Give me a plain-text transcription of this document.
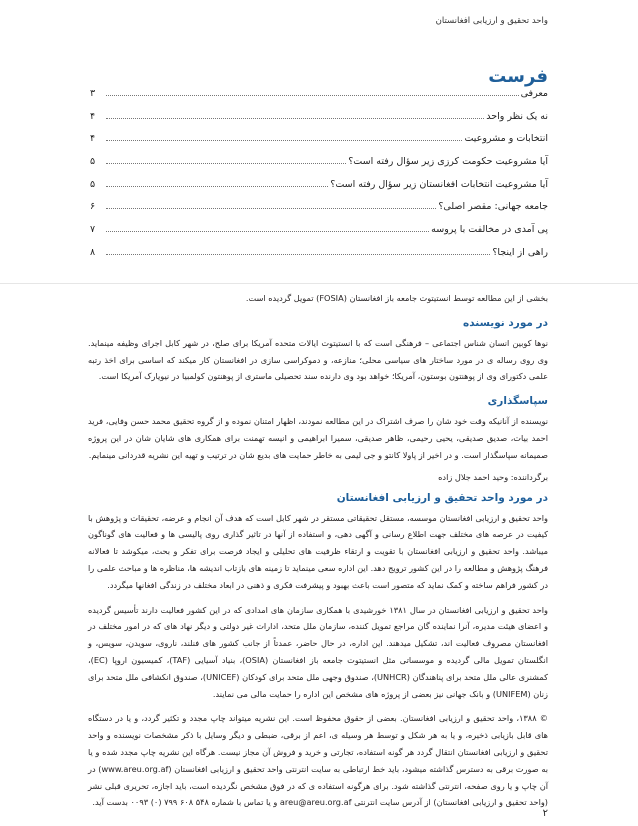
واحد تحقیق و ارزیابی افغانستان
فرست
معرفی
۳
نه یک نظر واحد
۴
انتخابات و مشروعیت
۴
آیا مشروعیت حکومت کرزی زیر سؤال رفته است؟
۵
آیا مشروعیت انتخابات افغانستان زیر سؤال رفته است؟
۵
جامعه جهانی: مقصر اصلی؟
۶
پی آمدی در مخالفت با پروسه
۷
راهی از اینجا؟
۸

بخشی از این مطالعه توسط انستیتوت جامعه باز افغانستان (FOSIA) تمویل گردیده است.

در مورد نویسنده

نوها کوبین انسان شناس اجتماعی – فرهنگی است که با انستیتوت ایالات متحده آمریکا برای صلح، در شهر کابل اجرای وظیفه مینماید. وی روی رساله ی در مورد ساختار های سیاسی محلی؛ منازعه، و دموکراسی سازی در افغانستان کار میکند که اساسی برای اخذ رتبه علمی دکتورای وی از پوهنتون بوستون، آمریکا؛ خواهد بود وی دارنده سند تحصیلی ماستری از پوهنتون کولمبیا در نیویارک آمریکا است.

سپاسگذاری

نویسنده از آنانیکه وقت خود شان را صرف اشتراک در این مطالعه نمودند، اظهار امتنان نموده و از گروه تحقیق محمد حسن وفایی، فرید احمد بیات، صدیق صدیقی، یحیی رحیمی، ظاهر صدیقی، سمیرا ابراهیمی و انیسه تهمنت برای همکاری های شایان شان در این پروژه صمیمانه سپاسگذار است. و در اخیر از پاولا کانتو و جی لیمی به خاطر حمایت های بدیع شان در ترتیب و تهیه این نشریه قدردانی مینمایم.

برگرداننده: وحید احمد جلال زاده

در مورد واحد تحقیق و ارزیابی افغانستان

واحد تحقیق و ارزیابی افغانستان موسسه، مستقل تحقیقاتی مستقر در شهر کابل است که هدف آن انجام و عرضه، تحقیقات و پژوهش با کیفیت در عرصه های مختلف جهت اطلاع رسانی و آگهی دهی، و استفاده از آنها در تاثیر گذاری روی پالیسی ها و فعالیت های گوناگون میباشد. واحد تحقیق و ارزیابی افغانستان با تقویت و ارتقاء ظرفیت های تحلیلی و ایجاد فرصت برای تفکر و بحث، میکوشد تا فعالانه فرهنگ پژوهش و مطالعه را در این کشور ترویج دهد. این اداره سعی مینماید تا زمینه های بازتاب اندیشه ها، مناظره ها و مباحث علمی را در کشور فراهم ساخته و کمک نماید که متصور است باعث بهبود و پیشرفت فکری و ذهنی در ابعاد مختلف در زندگی افغانها میگردد.

واحد تحقیق و ارزیابی افغانستان در سال ۱۳۸۱ خورشیدی با همکاری سازمان های امدادی که در این کشور فعالیت دارند تأسیس گردیده و اعضای هیئت مدیره، آنرا نماینده گان مراجع تمویل کننده، سازمان ملل متحد، ادارات غیر دولتی و دیگر نهاد های که در امور مختلف در افغانستان مصروف فعالیت اند، تشکیل میدهند. این اداره، در حال حاضر، عمدتاً از جانب کشور های فنلند، ناروی، سویدن، سویس، و انگلستان تمویل مالی گردیده و موسساتی مثل انستیتوت جامعه باز افغانستان (OSIA)، بنیاد آسیایی (TAF)، کمیسیون اروپا (EC)، کمشنری عالی ملل متحد برای پناهندگان (UNHCR)، صندوق وجهی ملل متحد برای کودکان (UNICEF)، صندوق انکشافی ملل متحد برای زنان (UNIFEM) و بانک جهانی نیز بعضی از پروژه های مشخص این اداره را حمایت مالی می نمایند.

© ۱۳۸۸، واحد تحقیق و ارزیابی افغانستان. بعضی از حقوق محفوظ است. این نشریه میتواند چاپ مجدد و تکثیر گردد، و یا در دستگاه های قابل بازیابی ذخیره، و یا به هر شکل و توسط هر وسیله ی، اعم از برقی، ضبطی و دیگر وسایل با ذکر مشخصات نویسنده و واحد تحقیق و ارزیابی افغانستان انتقال گردد هر گونه استفاده، تجارتی و خرید و فروش آن مجاز نیست. هرگاه این نشریه چاپ مجدد شده و یا به صورت برقی به دسترس گذاشته میشود، باید خط ارتباطی به سایت انترنتی واحد تحقیق و ارزیابی افغانستان (www.areu.org.af) در آن چاپ و یا روی صفحه، انترنتی گذاشته شود. برای هرگونه استفاده ی که در فوق مشخص نگردیده است، باید اجازه، تحریری قبلی نشر (واحد تحقیق و ارزیابی افغانستان) از آدرس سایت انترنتی areu@areu.org.af و یا تماس با شماره ۵۴۸ ۶۰۸ ۷۹۹ (۰) ۰۰۹۳ بدست آید.

۲
